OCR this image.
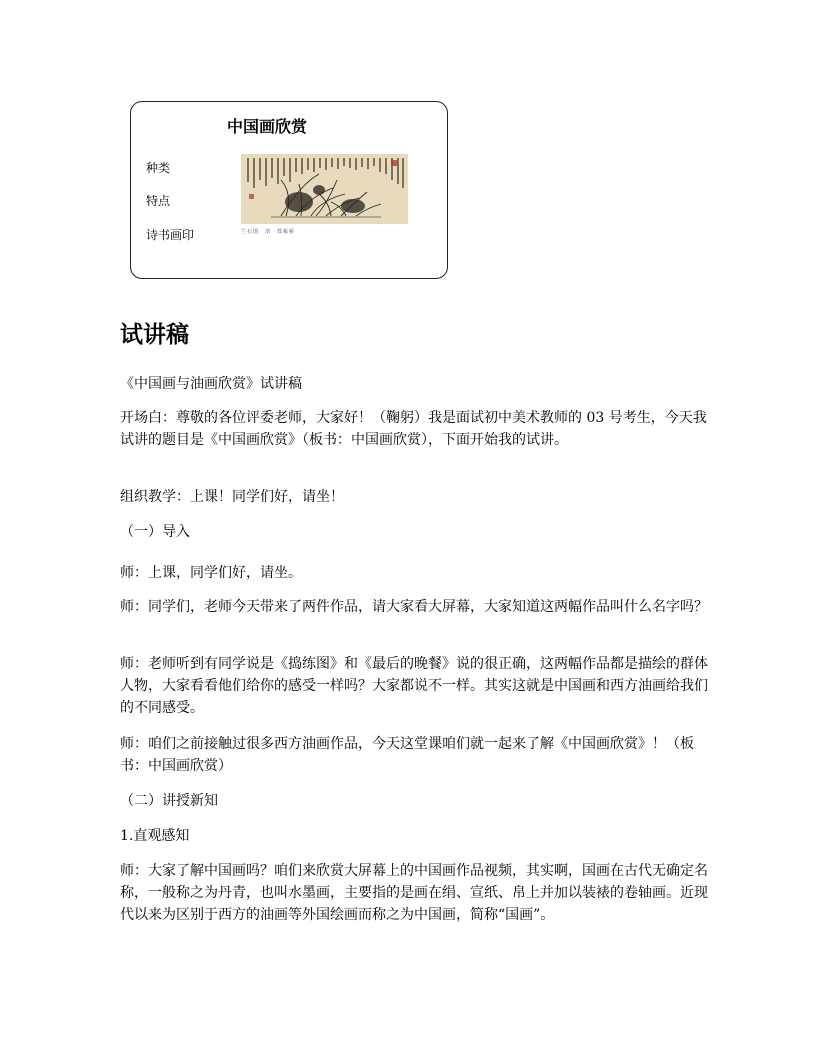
中国画欣赏
种类
特点
诗书画印	兰石图　清　郑板桥
试讲稿

《中国画与油画欣赏》试讲稿

开场白：尊敬的各位评委老师，大家好！（鞠躬）我是面试初中美术教师的 03 号考生，今天我试讲的题目是《中国画欣赏》（板书：中国画欣赏），下面开始我的试讲。

组织教学：上课！同学们好，请坐！

（一）导入

师：上课，同学们好，请坐。

师：同学们，老师今天带来了两件作品，请大家看大屏幕，大家知道这两幅作品叫什么名字吗？

师：老师听到有同学说是《捣练图》和《最后的晚餐》说的很正确，这两幅作品都是描绘的群体人物，大家看看他们给你的感受一样吗？大家都说不一样。其实这就是中国画和西方油画给我们的不同感受。

师：咱们之前接触过很多西方油画作品，今天这堂课咱们就一起来了解《中国画欣赏》！（板书：中国画欣赏）

（二）讲授新知

1.直观感知

师：大家了解中国画吗？咱们来欣赏大屏幕上的中国画作品视频，其实啊，国画在古代无确定名称，一般称之为丹青，也叫水墨画，主要指的是画在绢、宣纸、帛上并加以装裱的卷轴画。近现代以来为区别于西方的油画等外国绘画而称之为中国画，简称“国画”。
